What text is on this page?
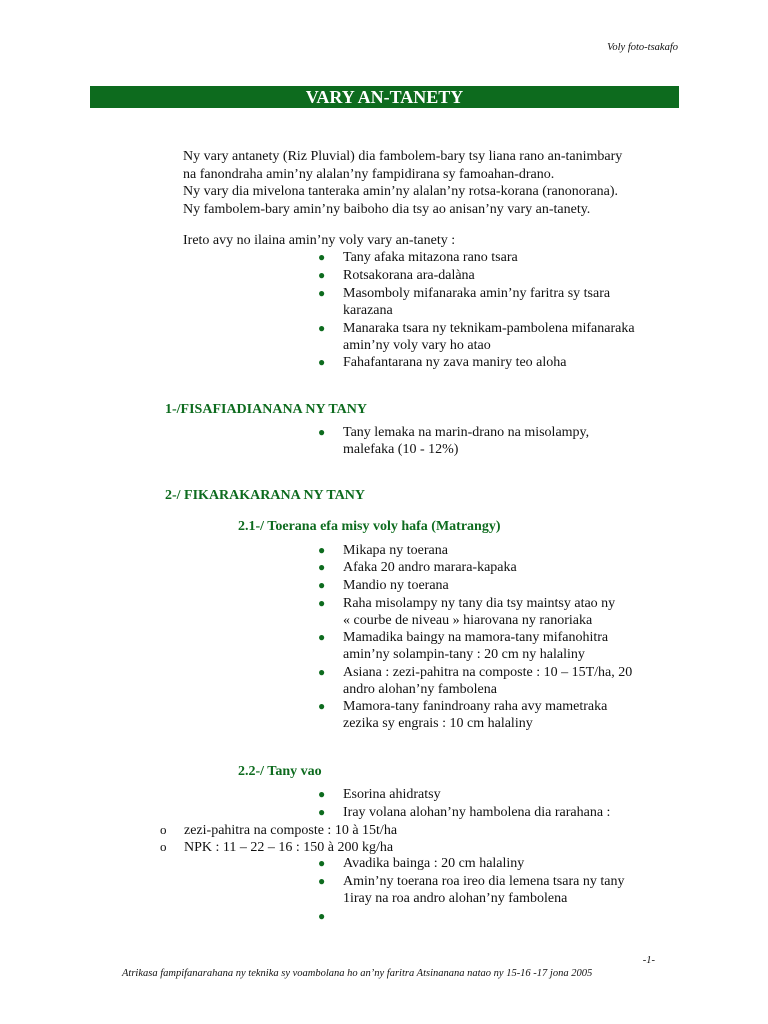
Voly foto-tsakafo
VARY AN-TANETY
Ny vary antanety (Riz Pluvial) dia fambolem-bary tsy liana rano an-tanimbary
na fanondraha amin’ny alalan’ny fampidirana sy famoahan-drano.
Ny vary dia mivelona tanteraka amin’ny alalan’ny rotsa-korana (ranonorana).
Ny fambolem-bary amin’ny baiboho dia tsy ao anisan’ny vary an-tanety.
Ireto avy no ilaina amin’ny voly vary an-tanety :
● Tany afaka mitazona rano tsara
● Rotsakorana ara-dalàna
● Masomboly mifanaraka amin’ny faritra sy tsara
karazana
● Manaraka tsara ny teknikam-pambolena mifanaraka
amin’ny voly vary ho atao
● Fahafantarana ny zava maniry teo aloha
1-/FISAFIADIANANA NY TANY
● Tany lemaka na marin-drano na misolampy,
malefaka (10 - 12%)
2-/ FIKARAKARANA NY TANY
2.1-/ Toerana efa misy voly hafa (Matrangy)
● Mikapa ny toerana
● Afaka 20 andro marara-kapaka
● Mandio ny toerana
● Raha misolampy ny tany dia tsy maintsy atao ny
« courbe de niveau » hiarovana ny ranoriaka
● Mamadika baingy na mamora-tany mifanohitra
amin’ny solampin-tany : 20 cm ny halaliny
● Asiana : zezi-pahitra na composte : 10 – 15T/ha, 20
andro alohan’ny fambolena
● Mamora-tany fanindroany raha avy mametraka
zezika sy engrais : 10 cm halaliny
2.2-/ Tany vao
● Esorina ahidratsy
● Iray volana alohan’ny hambolena dia rarahana :
o zezi-pahitra na composte : 10 à 15t/ha
o NPK : 11 – 22 – 16 : 150 à 200 kg/ha
● Avadika bainga : 20 cm halaliny
● Amin’ny toerana roa ireo dia lemena tsara ny tany
1iray na roa andro alohan’ny fambolena
●
-1-
Atrikasa fampifanarahana ny teknika sy voambolana ho an’ny faritra Atsinanana natao ny 15-16 -17 jona 2005
